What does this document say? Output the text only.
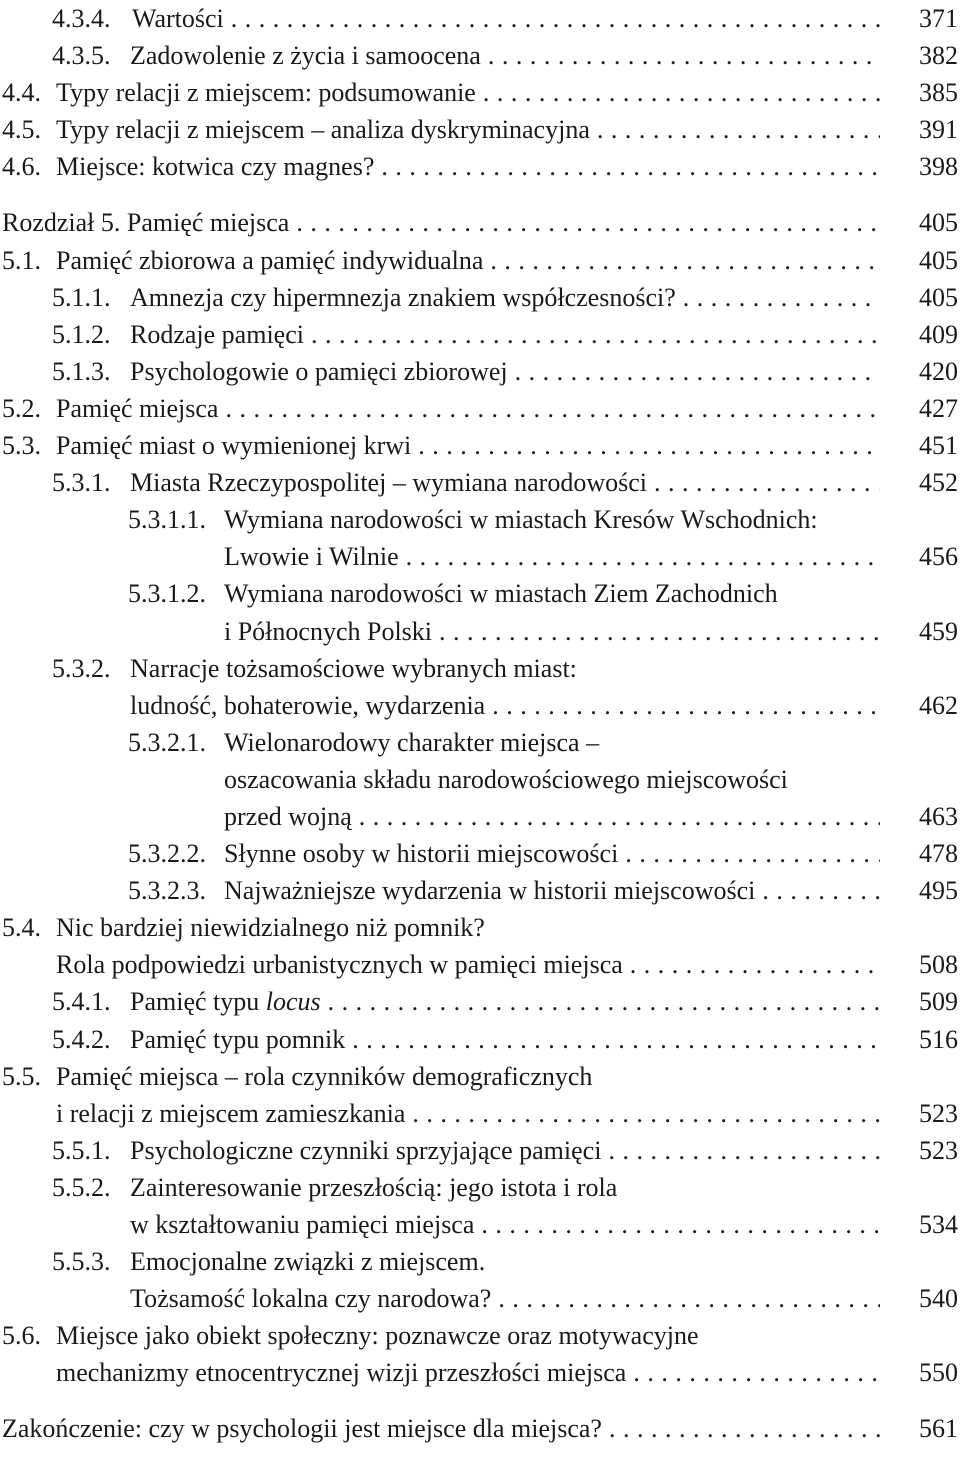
4.3.4. Wartości . . .	371
4.3.5. Zadowolenie z życia i samoocena . . .	382
4.4. Typy relacji z miejscem: podsumowanie . . .	385
4.5. Typy relacji z miejscem – analiza dyskryminacyjna . . .	391
4.6. Miejsce: kotwica czy magnes? . . .	398
Rozdział 5. Pamięć miejsca . . .	405
5.1. Pamięć zbiorowa a pamięć indywidualna . . .	405
5.1.1. Amnezja czy hipermnezja znakiem współczesności? . . .	405
5.1.2. Rodzaje pamięci . . .	409
5.1.3. Psychologowie o pamięci zbiorowej . . .	420
5.2. Pamięć miejsca . . .	427
5.3. Pamięć miast o wymienionej krwi . . .	451
5.3.1. Miasta Rzeczypospolitej – wymiana narodowości . . .	452
5.3.1.1. Wymiana narodowości w miastach Kresów Wschodnich:
Lwowie i Wilnie . . .	456
5.3.1.2. Wymiana narodowości w miastach Ziem Zachodnich
i Północnych Polski . . .	459
5.3.2. Narracje tożsamościowe wybranych miast:
ludność, bohaterowie, wydarzenia . . .	462
5.3.2.1. Wielonarodowy charakter miejsca –
oszacowania składu narodowościowego miejscowości
przed wojną . . .	463
5.3.2.2. Słynne osoby w historii miejscowości . . .	478
5.3.2.3. Najważniejsze wydarzenia w historii miejscowości . . .	495
5.4. Nic bardziej niewidzialnego niż pomnik?
Rola podpowiedzi urbanistycznych w pamięci miejsca . . .	508
5.4.1. Pamięć typu locus . . .	509
5.4.2. Pamięć typu pomnik . . .	516
5.5. Pamięć miejsca – rola czynników demograficznych
i relacji z miejscem zamieszkania . . .	523
5.5.1. Psychologiczne czynniki sprzyjające pamięci . . .	523
5.5.2. Zainteresowanie przeszłością: jego istota i rola
w kształtowaniu pamięci miejsca . . .	534
5.5.3. Emocjonalne związki z miejscem.
Tożsamość lokalna czy narodowa? . . .	540
5.6. Miejsce jako obiekt społeczny: poznawcze oraz motywacyjne
mechanizmy etnocentrycznej wizji przeszłości miejsca . . .	550
Zakończenie: czy w psychologii jest miejsce dla miejsca? . . .	561
